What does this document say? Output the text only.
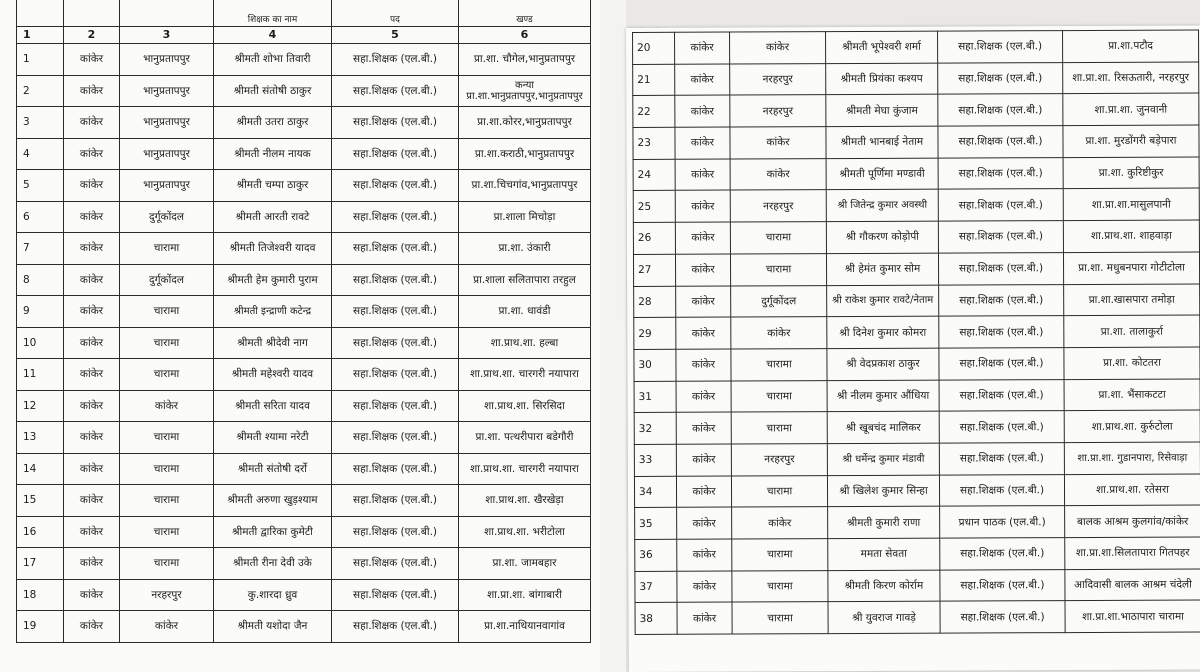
			शिक्षक का नाम	पद	खण्ड
1	2	3	4	5	6
1	कांकेर	भानुप्रतापपुर	श्रीमती शोभा तिवारी	सहा.शिक्षक (एल.बी.)	प्रा.शा. चौगेल,भानुप्रतापपुर
2	कांकेर	भानुप्रतापपुर	श्रीमती संतोषी ठाकुर	सहा.शिक्षक (एल.बी.)	कन्या प्रा.शा.भानुप्रतापपुर,भानुप्रतापपुर
3	कांकेर	भानुप्रतापपुर	श्रीमती उतरा ठाकुर	सहा.शिक्षक (एल.बी.)	प्रा.शा.कोरर,भानुप्रतापपुर
4	कांकेर	भानुप्रतापपुर	श्रीमती नीलम नायक	सहा.शिक्षक (एल.बी.)	प्रा.शा.कराठी,भानुप्रतापपुर
5	कांकेर	भानुप्रतापपुर	श्रीमती चम्पा ठाकुर	सहा.शिक्षक (एल.बी.)	प्रा.शा.चिचगांव,भानुप्रतापपुर
6	कांकेर	दुर्गूकोंदल	श्रीमती आरती रावटे	सहा.शिक्षक (एल.बी.)	प्रा.शाला मिचोड़ा
7	कांकेर	चारामा	श्रीमती तिजेश्वरी यादव	सहा.शिक्षक (एल.बी.)	प्रा.शा. उंकारी
8	कांकेर	दुर्गूकोंदल	श्रीमती हेम कुमारी पुराम	सहा.शिक्षक (एल.बी.)	प्रा.शाला सलितापारा तरहुल
9	कांकेर	चारामा	श्रीमती इन्द्राणी कटेन्द्र	सहा.शिक्षक (एल.बी.)	प्रा.शा. धावंडी
10	कांकेर	चारामा	श्रीमती श्रीदेवी नाग	सहा.शिक्षक (एल.बी.)	शा.प्राथ.शा. हल्बा
11	कांकेर	चारामा	श्रीमती महेश्वरी यादव	सहा.शिक्षक (एल.बी.)	शा.प्राथ.शा. चारगरी नयापारा
12	कांकेर	कांकेर	श्रीमती सरिता यादव	सहा.शिक्षक (एल.बी.)	शा.प्राथ.शा. सिरसिदा
13	कांकेर	चारामा	श्रीमती श्यामा नरेटी	सहा.शिक्षक (एल.बी.)	प्रा.शा. पत्थरीपारा बडेगौरी
14	कांकेर	चारामा	श्रीमती संतोषी दर्रो	सहा.शिक्षक (एल.बी.)	शा.प्राथ.शा. चारगरी नयापारा
15	कांकेर	चारामा	श्रीमती अरुणा खुड़श्याम	सहा.शिक्षक (एल.बी.)	शा.प्राथ.शा. खैरखेड़ा
16	कांकेर	चारामा	श्रीमती द्वारिका कुमेटी	सहा.शिक्षक (एल.बी.)	शा.प्राथ.शा. भरीटोला
17	कांकेर	चारामा	श्रीमती रीना देवी उके	सहा.शिक्षक (एल.बी.)	प्रा.शा. जामबहार
18	कांकेर	नरहरपुर	कु.शारदा ध्रुव	सहा.शिक्षक (एल.बी.)	शा.प्रा.शा. बांगाबारी
19	कांकेर	कांकेर	श्रीमती यशोदा जैन	सहा.शिक्षक (एल.बी.)	प्रा.शा.नाथियानवागांव
20	कांकेर	कांकेर	श्रीमती भूपेश्वरी शर्मा	सहा.शिक्षक (एल.बी.)	प्रा.शा.पटौद
21	कांकेर	नरहरपुर	श्रीमती प्रियंका कश्यप	सहा.शिक्षक (एल.बी.)	शा.प्रा.शा. रिसऊतारी, नरहरपुर
22	कांकेर	नरहरपुर	श्रीमती मेघा कुंजाम	सहा.शिक्षक (एल.बी.)	शा.प्रा.शा. जुनवानी
23	कांकेर	कांकेर	श्रीमती भानबाई नेताम	सहा.शिक्षक (एल.बी.)	प्रा.शा. मुरडोंगरी बड़ेपारा
24	कांकेर	कांकेर	श्रीमती पूर्णिमा मण्डावी	सहा.शिक्षक (एल.बी.)	प्रा.शा. कुरिष्टीकुर
25	कांकेर	नरहरपुर	श्री जितेन्द्र कुमार अवस्थी	सहा.शिक्षक (एल.बी.)	शा.प्रा.शा.मासुलपानी
26	कांकेर	चारामा	श्री गौकरण कोड़ोपी	सहा.शिक्षक (एल.बी.)	शा.प्राथ.शा. शाहवाड़ा
27	कांकेर	चारामा	श्री हेमंत कुमार सोम	सहा.शिक्षक (एल.बी.)	प्रा.शा. मधुबनपारा गोटीटोला
28	कांकेर	दुर्गूकोंदल	श्री राकेश कुमार रावटे/नेताम	सहा.शिक्षक (एल.बी.)	प्रा.शा.खासपारा तमोड़ा
29	कांकेर	कांकेर	श्री दिनेश कुमार कोमरा	सहा.शिक्षक (एल.बी.)	प्रा.शा. तालाकुर्रा
30	कांकेर	चारामा	श्री वेदप्रकाश ठाकुर	सहा.शिक्षक (एल.बी.)	प्रा.शा. कोटतरा
31	कांकेर	चारामा	श्री नीलम कुमार औंधिया	सहा.शिक्षक (एल.बी.)	प्रा.शा. भैंसाकटटा
32	कांकेर	चारामा	श्री खूबचंद मालिकर	सहा.शिक्षक (एल.बी.)	शा.प्राथ.शा. कुर्रुटोला
33	कांकेर	नरहरपुर	श्री धर्मेन्द्र कुमार मंडावी	सहा.शिक्षक (एल.बी.)	शा.प्रा.शा. गुडानपारा, रिसेवाड़ा
34	कांकेर	चारामा	श्री खिलेश कुमार सिन्हा	सहा.शिक्षक (एल.बी.)	शा.प्राथ.शा. रतेसरा
35	कांकेर	कांकेर	श्रीमती कुमारी राणा	प्रधान पाठक (एल.बी.)	बालक आश्रम कुलगांव/कांकेर
36	कांकेर	चारामा	ममता सेवता	सहा.शिक्षक (एल.बी.)	शा.प्रा.शा.सिलतापारा गितपहर
37	कांकेर	चारामा	श्रीमती किरण कोर्राम	सहा.शिक्षक (एल.बी.)	आदिवासी बालक आश्रम चंदेली
38	कांकेर	चारामा	श्री युवराज गावड़े	सहा.शिक्षक (एल.बी.)	शा.प्रा.शा.भाठापारा चारामा
